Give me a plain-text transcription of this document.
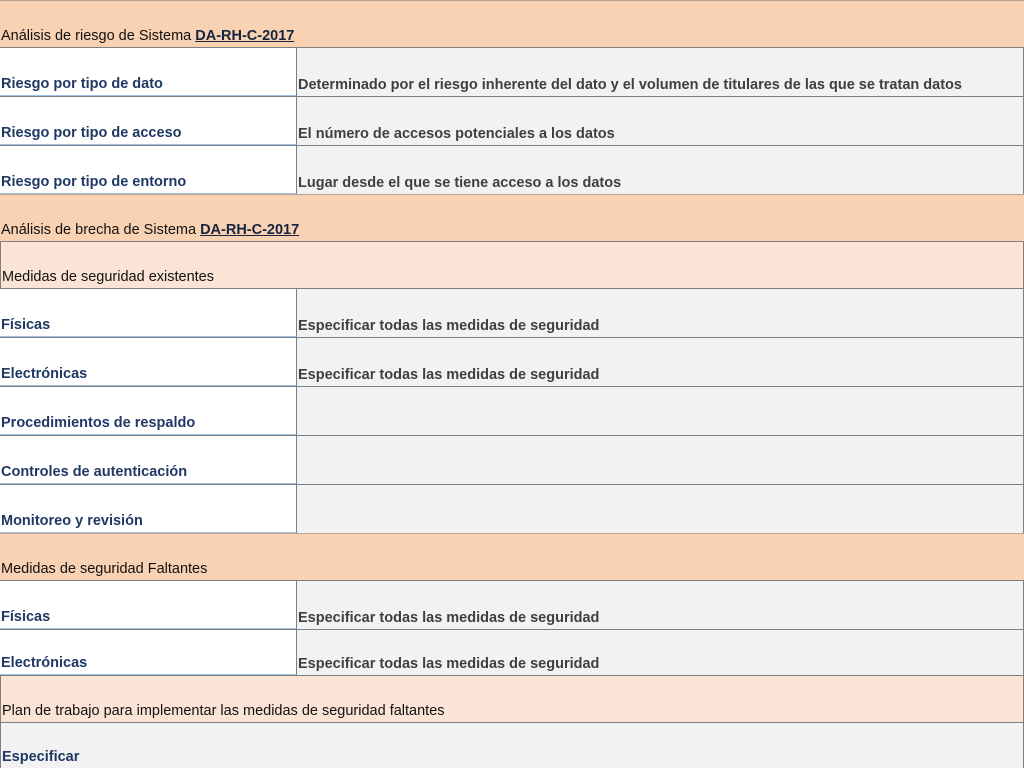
Análisis de riesgo de Sistema DA-RH-C-2017
Riesgo por tipo de dato	Determinado por el riesgo inherente del dato y el volumen de titulares de las que se tratan datos
Riesgo por tipo de acceso	El número de accesos potenciales a los datos
Riesgo por tipo de entorno	Lugar desde el que se tiene acceso a los datos
Análisis de brecha de Sistema DA-RH-C-2017
Medidas de seguridad existentes
Físicas	Especificar todas las medidas de seguridad
Electrónicas	Especificar todas las medidas de seguridad
Procedimientos de respaldo
Controles de autenticación
Monitoreo y revisión
Medidas de seguridad Faltantes
Físicas	Especificar todas las medidas de seguridad
Electrónicas	Especificar todas las medidas de seguridad
Plan de trabajo para implementar las medidas de seguridad faltantes
Especificar
